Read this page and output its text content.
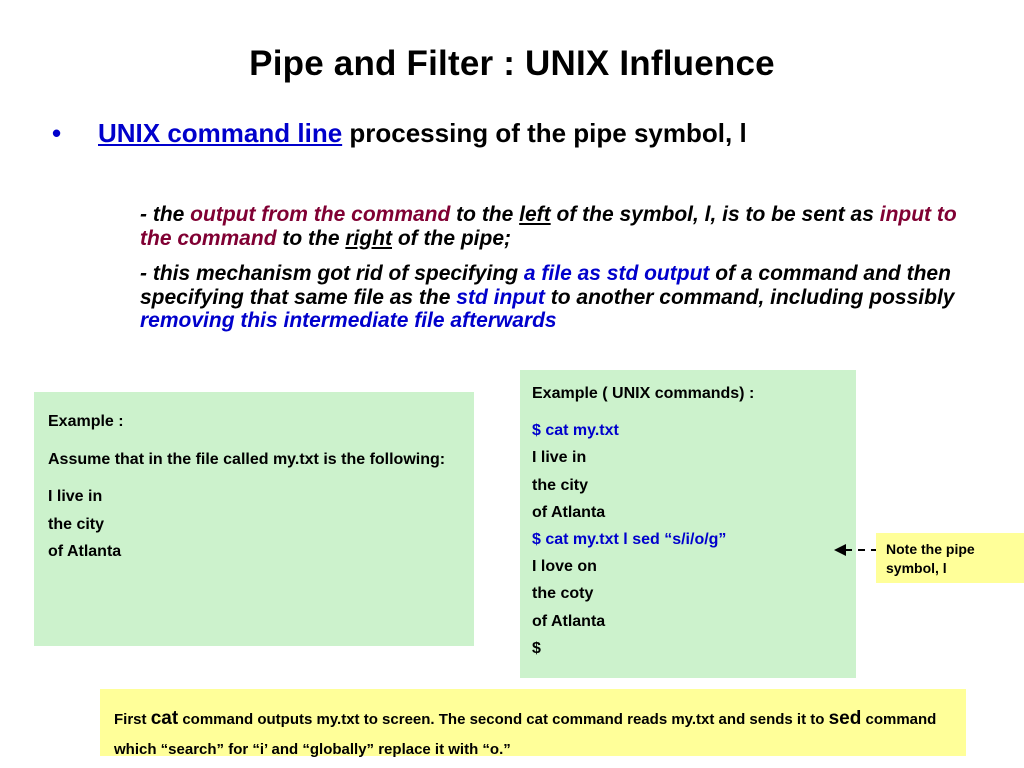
Pipe and Filter : UNIX Influence
• UNIX command line processing of the pipe symbol, l
- the output from the command to the left of the symbol, l, is to be sent as input to the command to the right of the pipe;
- this mechanism got rid of specifying a file as std output of a command and then specifying that same file as the std input to another command, including possibly removing this intermediate file afterwards
Example :
Assume that in the file called my.txt is the following:
I live in
the city
of Atlanta
Example ( UNIX commands) :
$ cat my.txt
I live in
the city
of Atlanta
$ cat my.txt l sed “s/i/o/g”
I love on
the coty
of Atlanta
$
Note the pipe symbol, l
First cat command outputs my.txt to screen. The second cat command reads my.txt and sends it to sed command which “search” for “i’ and “globally” replace it with “o.”
